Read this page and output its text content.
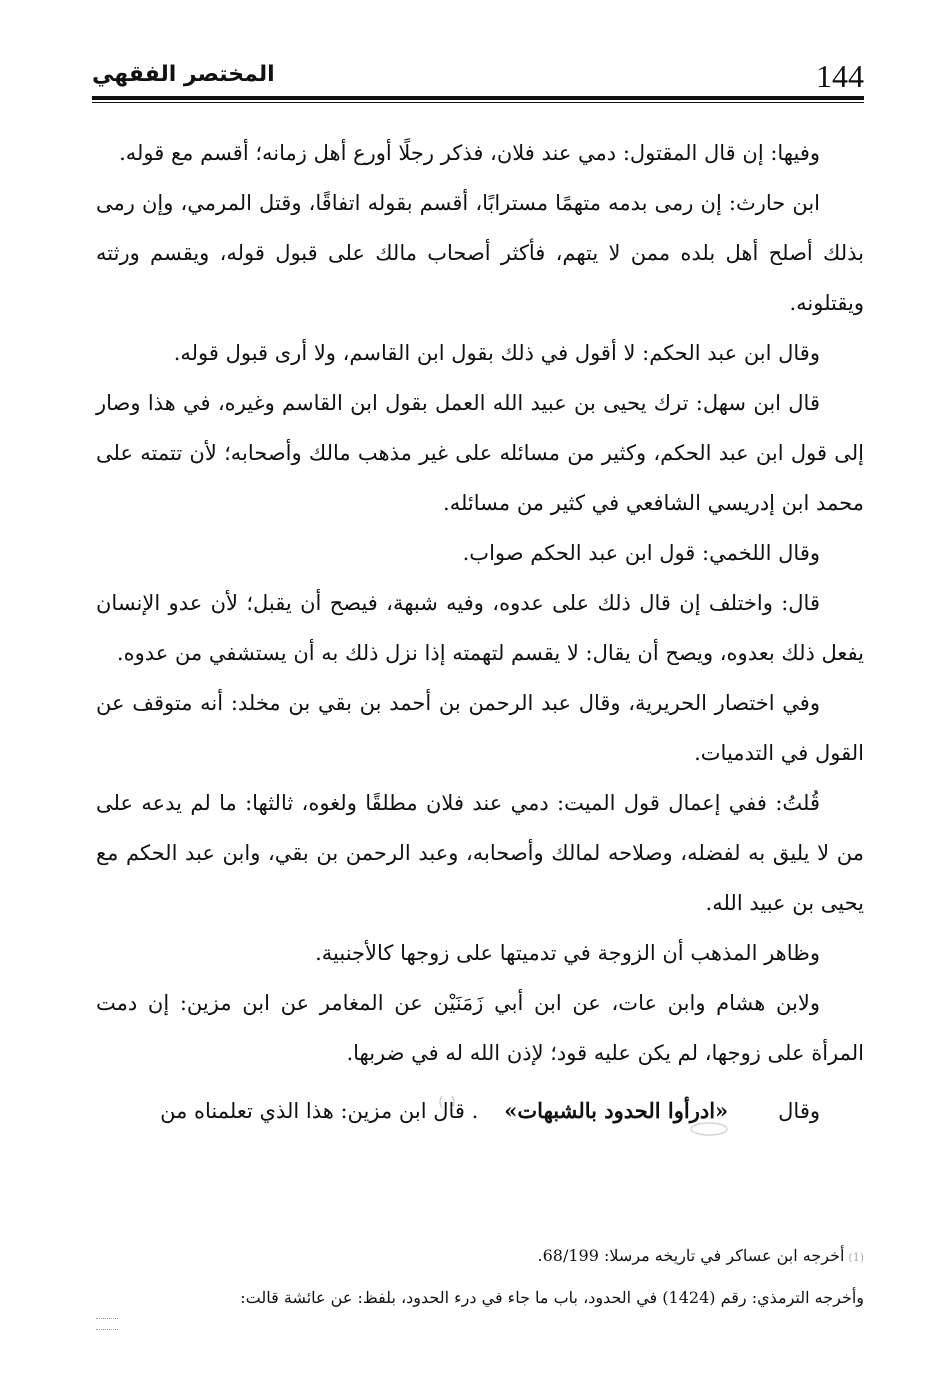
المختصر الفقهي	144

وفيها: إن قال المقتول: دمي عند فلان، فذكر رجلًا أورع أهل زمانه؛ أقسم مع قوله.

ابن حارث: إن رمى بدمه متهمًا مسترابًا، أقسم بقوله اتفاقًا، وقتل المرمي، وإن رمى بذلك أصلح أهل بلده ممن لا يتهم، فأكثر أصحاب مالك على قبول قوله، ويقسم ورثته ويقتلونه.

وقال ابن عبد الحكم: لا أقول في ذلك بقول ابن القاسم، ولا أرى قبول قوله.

قال ابن سهل: ترك يحيى بن عبيد الله العمل بقول ابن القاسم وغيره، في هذا وصار إلى قول ابن عبد الحكم، وكثير من مسائله على غير مذهب مالك وأصحابه؛ لأن تتمته على محمد ابن إدريسي الشافعي في كثير من مسائله.

وقال اللخمي: قول ابن عبد الحكم صواب.

قال: واختلف إن قال ذلك على عدوه، وفيه شبهة، فيصح أن يقبل؛ لأن عدو الإنسان يفعل ذلك بعدوه، ويصح أن يقال: لا يقسم لتهمته إذا نزل ذلك به أن يستشفي من عدوه.

وفي اختصار الحريرية، وقال عبد الرحمن بن أحمد بن بقي بن مخلد: أنه متوقف عن القول في التدميات.

قُلتُ: ففي إعمال قول الميت: دمي عند فلان مطلقًا ولغوه، ثالثها: ما لم يدعه على من لا يليق به لفضله، وصلاحه لمالك وأصحابه، وعبد الرحمن بن بقي، وابن عبد الحكم مع يحيى بن عبيد الله.

وظاهر المذهب أن الزوجة في تدميتها على زوجها كالأجنبية.

ولابن هشام وابن عات، عن ابن أبي زَمَنَيْن عن المغامر عن ابن مزين: إن دمت المرأة على زوجها، لم يكن عليه قود؛ لإذن الله له في ضربها.

وقال«ادرأوا الحدود بالشبهات». قال ابن مزين: هذا الذي تعلمناه من

(1)أخرجه ابن عساكر في تاريخه مرسلا: 68/199.

وأخرجه الترمذي: رقم (1424) في الحدود، باب ما جاء في درء الحدود، بلفظ: عن عائشة قالت:
